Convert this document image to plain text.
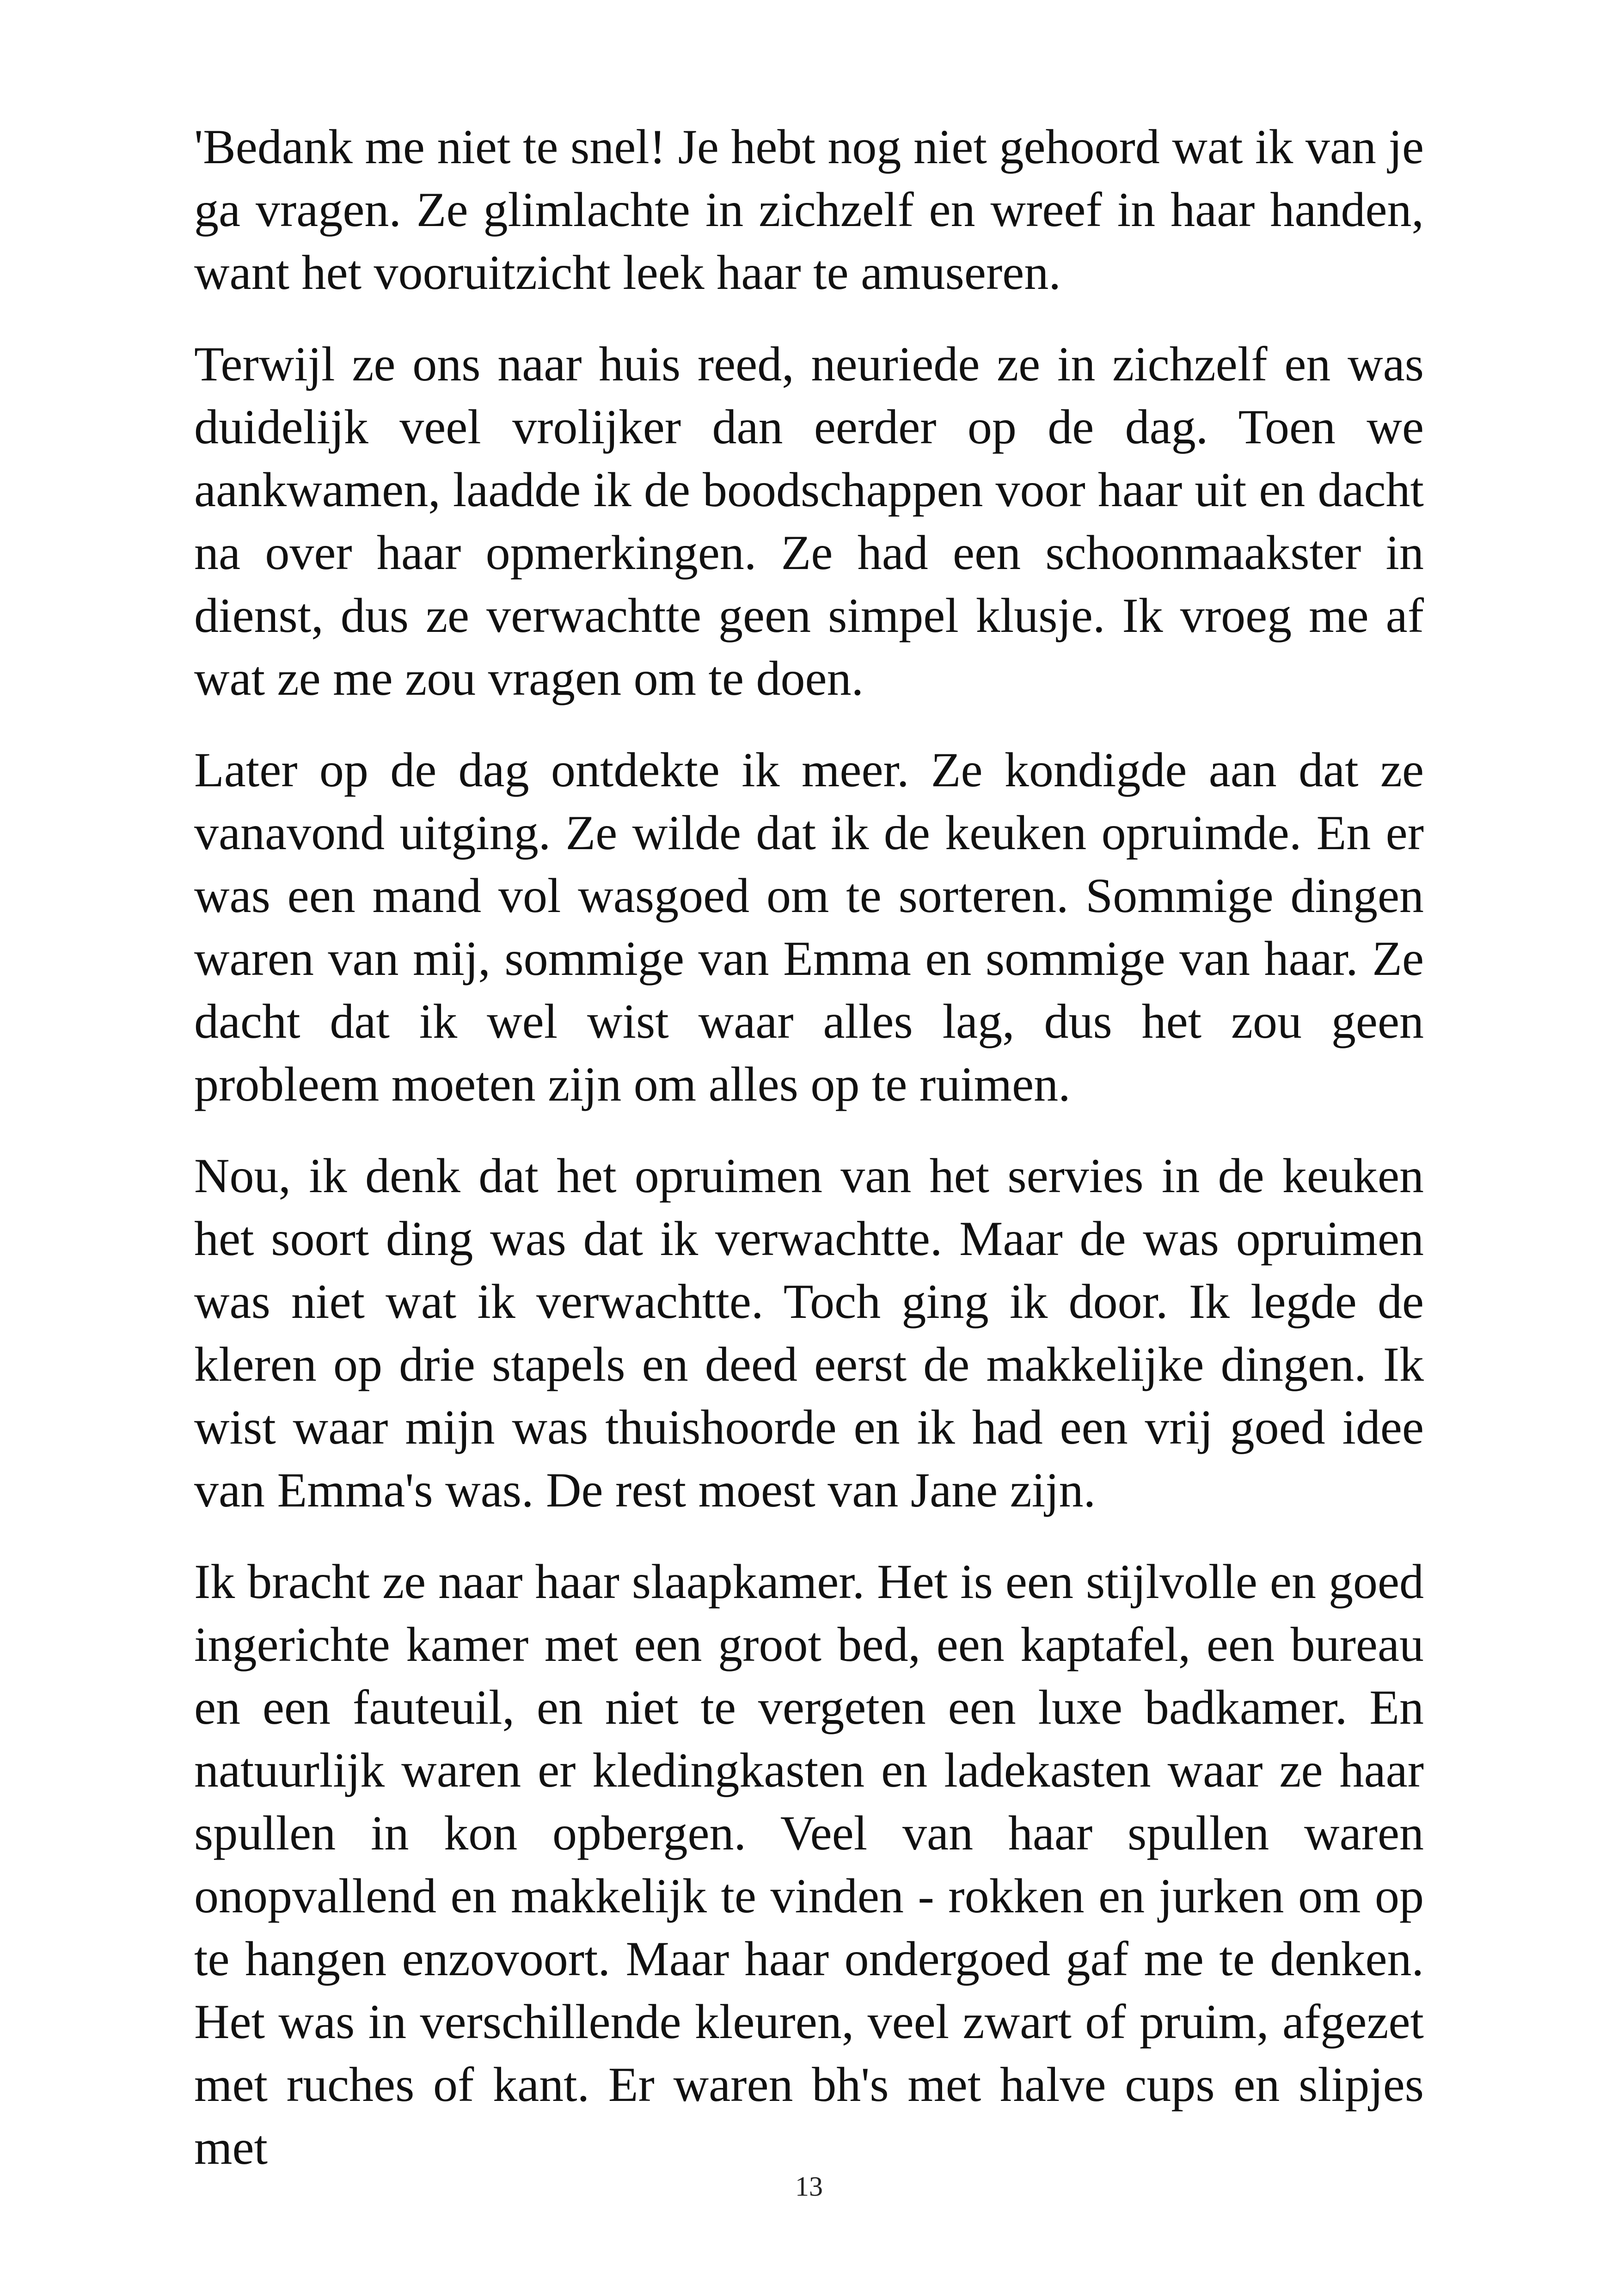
'Bedank me niet te snel! Je hebt nog niet gehoord wat ik van je ga vragen. Ze glimlachte in zichzelf en wreef in haar handen, want het vooruitzicht leek haar te amuseren.

Terwijl ze ons naar huis reed, neuriede ze in zichzelf en was duidelijk veel vrolijker dan eerder op de dag. Toen we aankwamen, laadde ik de boodschappen voor haar uit en dacht na over haar opmerkingen. Ze had een schoonmaakster in dienst, dus ze verwachtte geen simpel klusje. Ik vroeg me af wat ze me zou vragen om te doen.

Later op de dag ontdekte ik meer. Ze kondigde aan dat ze vanavond uitging. Ze wilde dat ik de keuken opruimde. En er was een mand vol wasgoed om te sorteren. Sommige dingen waren van mij, sommige van Emma en sommige van haar. Ze dacht dat ik wel wist waar alles lag, dus het zou geen probleem moeten zijn om alles op te ruimen.

Nou, ik denk dat het opruimen van het servies in de keuken het soort ding was dat ik verwachtte. Maar de was opruimen was niet wat ik verwachtte. Toch ging ik door. Ik legde de kleren op drie stapels en deed eerst de makkelijke dingen. Ik wist waar mijn was thuishoorde en ik had een vrij goed idee van Emma's was. De rest moest van Jane zijn.

Ik bracht ze naar haar slaapkamer. Het is een stijlvolle en goed ingerichte kamer met een groot bed, een kaptafel, een bureau en een fauteuil, en niet te vergeten een luxe badkamer. En natuurlijk waren er kledingkasten en ladekasten waar ze haar spullen in kon opbergen. Veel van haar spullen waren onopvallend en makkelijk te vinden - rokken en jurken om op te hangen enzovoort. Maar haar ondergoed gaf me te denken. Het was in verschillende kleuren, veel zwart of pruim, afgezet met ruches of kant. Er waren bh's met halve cups en slipjes met

13
